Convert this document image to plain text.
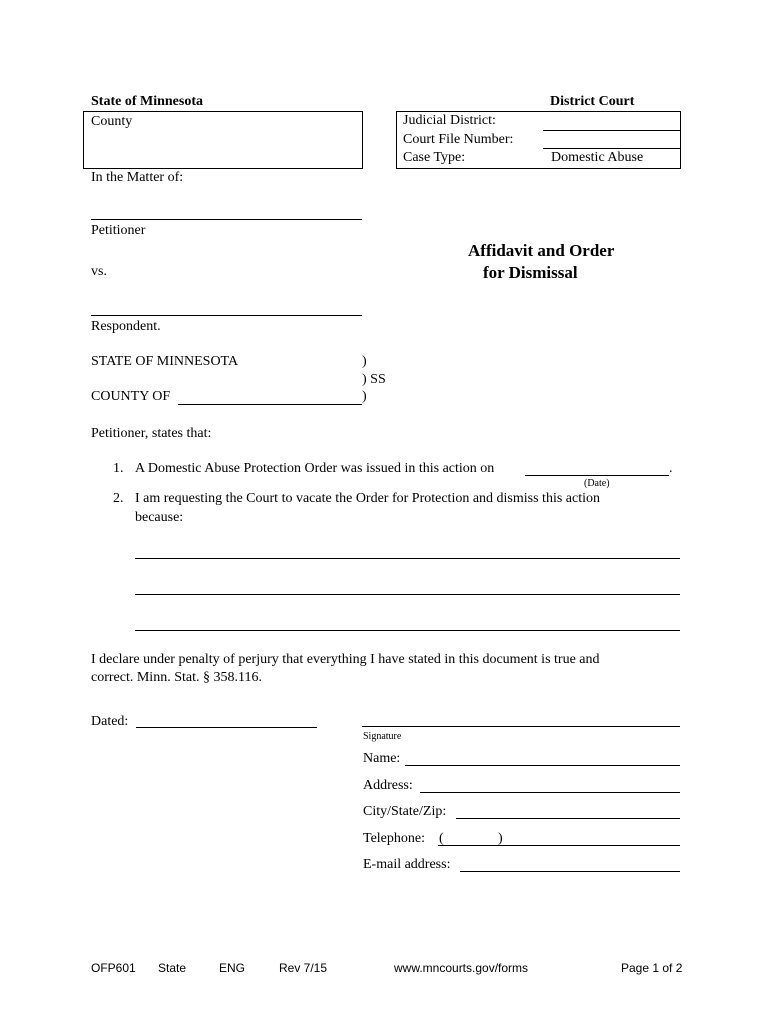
State of Minnesota
County
District Court
Judicial District:
Court File Number:
Case Type:	Domestic Abuse
In the Matter of:
Petitioner
vs.
Respondent.
Affidavit and Order
for Dismissal
STATE OF MINNESOTA	)
) SS
COUNTY OF	)
Petitioner, states that:
1. A Domestic Abuse Protection Order was issued in this action on	.
(Date)
2. I am requesting the Court to vacate the Order for Protection and dismiss this action
because:
I declare under penalty of perjury that everything I have stated in this document is true and
correct. Minn. Stat. § 358.116.
Dated:
Signature
Name:
Address:
City/State/Zip:
Telephone: (	)
E-mail address:
OFP601 State	ENG	Rev 7/15	www.mncourts.gov/forms	Page 1 of 2
